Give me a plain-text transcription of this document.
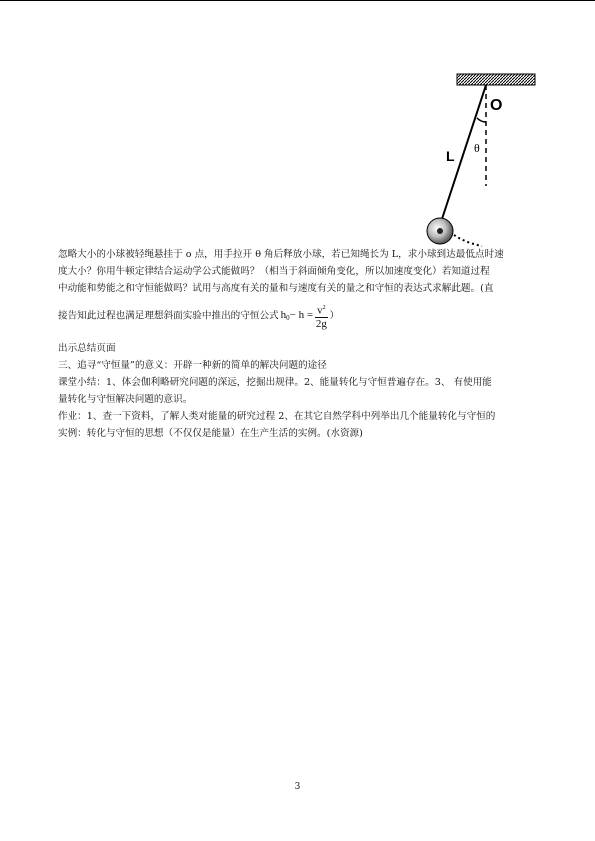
O
L θ
忽略大小的小球被轻绳悬挂于 o 点，用手拉开 θ 角后释放小球，若已知绳长为 L，求小球到达最低点时速
度大小？你用牛顿定律结合运动学公式能做吗？（相当于斜面倾角变化，所以加速度变化）若知道过程
中动能和势能之和守恒能做吗？试用与高度有关的量和与速度有关的量之和守恒的表达式求解此题。(直
接告知此过程也满足理想斜面实验中推出的守恒公式 h $0 - h = \frac{v^2}{2g}$ ）
出示总结页面
三、追寻“守恒量”的意义：开辟一种新的简单的解决问题的途径
课堂小结：1、体会伽利略研究问题的深远，挖掘出规律。2、能量转化与守恒普遍存在。3、 有使用能
量转化与守恒解决问题的意识。
作业：1、查一下资料，了解人类对能量的研究过程 2、在其它自然学科中列举出几个能量转化与守恒的
实例：转化与守恒的思想（不仅仅是能量）在生产生活的实例。(水资源)
3
